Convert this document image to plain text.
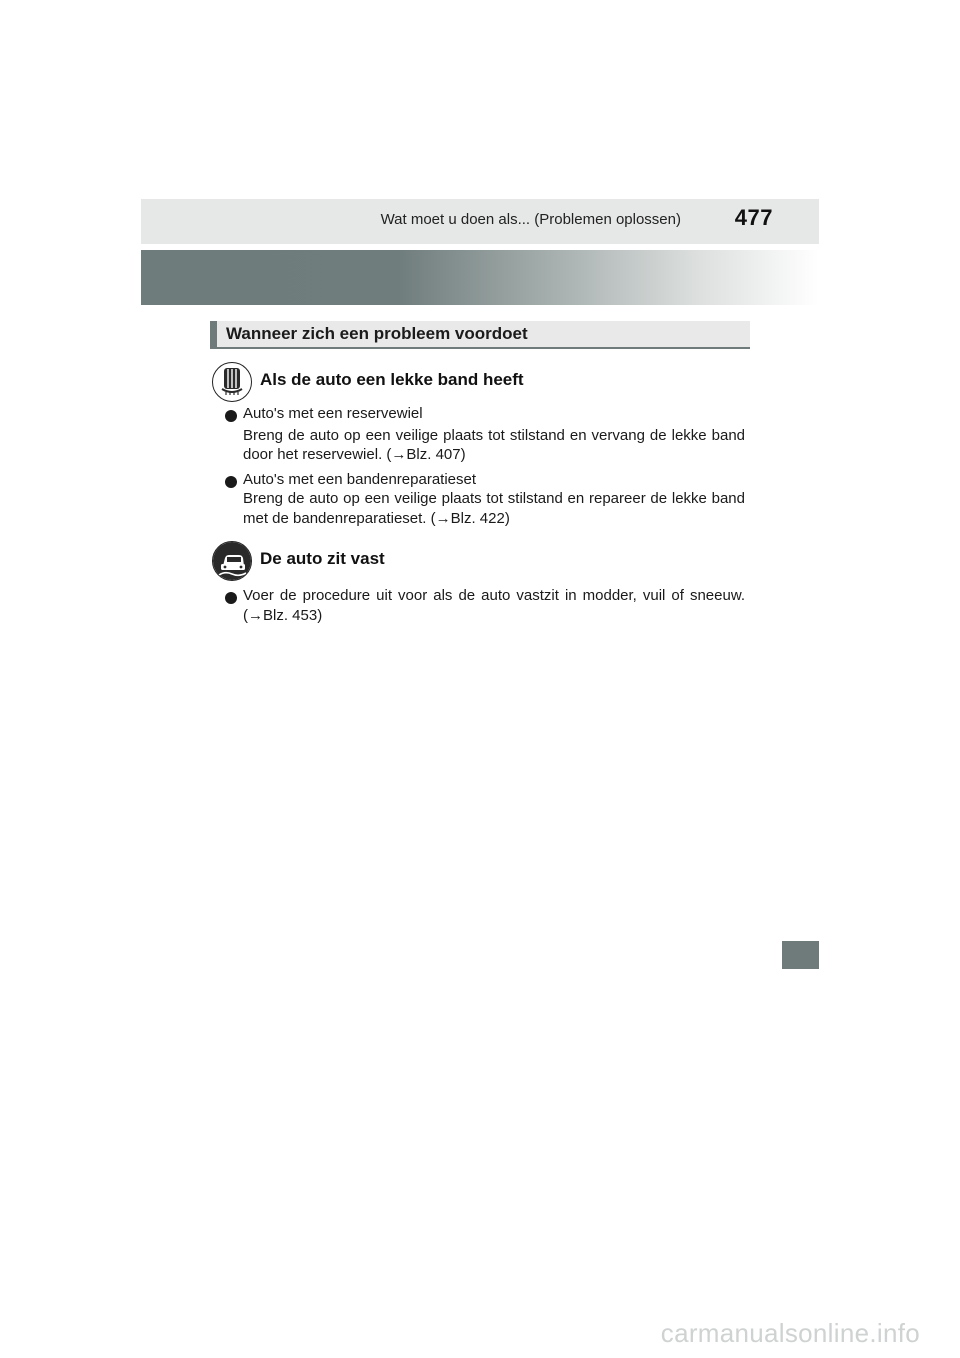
Wat moet u doen als... (Problemen oplossen) 477
Wanneer zich een probleem voordoet
Als de auto een lekke band heeft
Auto's met een reservewiel
Breng de auto op een veilige plaats tot stilstand en vervang de lekke band
door het reservewiel. (→Blz. 407)
Auto's met een bandenreparatieset
Breng de auto op een veilige plaats tot stilstand en repareer de lekke band
met de bandenreparatieset. (→Blz. 422)
De auto zit vast
Voer de procedure uit voor als de auto vastzit in modder, vuil of sneeuw.
(→Blz. 453)
carmanualsonline.info
